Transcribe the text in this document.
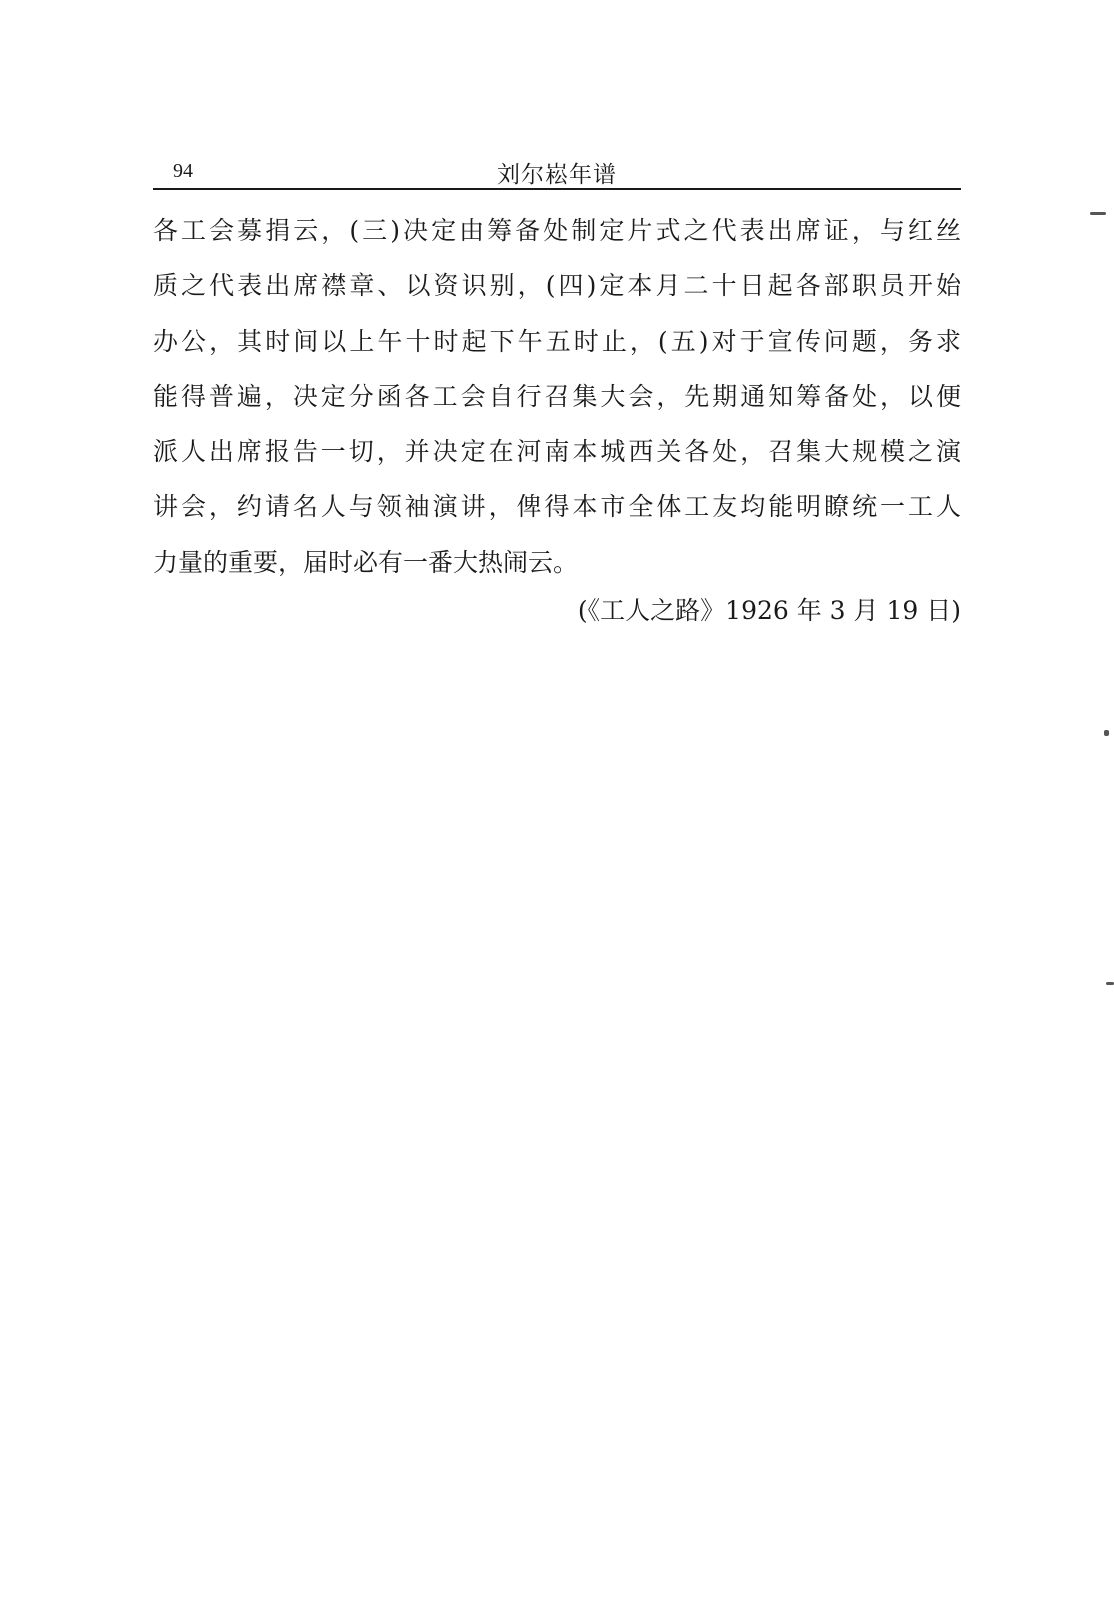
94	刘尔崧年谱
各工会募捐云，(三)决定由筹备处制定片式之代表出席证，与红丝
质之代表出席襟章、以资识别，(四)定本月二十日起各部职员开始
办公，其时间以上午十时起下午五时止，(五)对于宣传问题，务求
能得普遍，决定分函各工会自行召集大会，先期通知筹备处，以便
派人出席报告一切，并决定在河南本城西关各处，召集大规模之演
讲会，约请名人与领袖演讲，俾得本市全体工友均能明瞭统一工人
力量的重要，届时必有一番大热闹云。
(《工人之路》1926 年 3 月 19 日)
